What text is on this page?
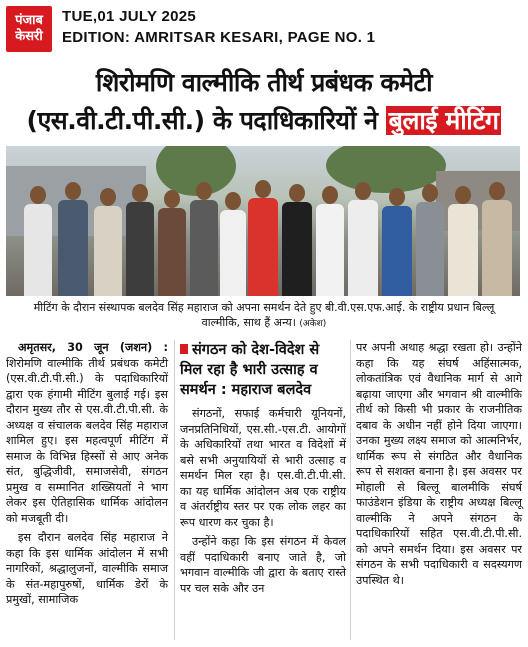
पंजाब
केसरी
TUE,01 JULY 2025
EDITION: AMRITSAR KESARI, PAGE NO. 1
शिरोमणि वाल्मीकि तीर्थ प्रबंधक कमेटी
(एस.वी.टी.पी.सी.) के पदाधिकारियों ने बुलाई मीटिंग
मीटिंग के दौरान संस्थापक बलदेव सिंह महाराज को अपना समर्थन देते हुए बी.वी.एस.एफ.आई. के राष्ट्रीय प्रधान बिल्लू वाल्मीकि, साथ हैं अन्य। (अकेश)

अमृतसर, 30 जून (जशन) : शिरोमणि वाल्मीकि तीर्थ प्रबंधक कमेटी (एस.वी.टी.पी.सी.) के पदाधिकारियों द्वारा एक हंगामी मीटिंग बुलाई गई। इस दौरान मुख्य तौर से एस.वी.टी.पी.सी. के अध्यक्ष व संचालक बलदेव सिंह महाराज शामिल हुए। इस महत्वपूर्ण मीटिंग में समाज के विभिन्न हिस्सों से आए अनेक संत, बुद्धिजीवी, समाजसेवी, संगठन प्रमुख व सम्मानित शख्सियतों ने भाग लेकर इस ऐतिहासिक धार्मिक आंदोलन को मजबूती दी।

इस दौरान बलदेव सिंह महाराज ने कहा कि इस धार्मिक आंदोलन में सभी नागरिकों, श्रद्धालुजनों, वाल्मीकि समाज के संत-महापुरुषों, धार्मिक डेरों के प्रमुखों, सामाजिक

संगठन को देश-विदेश से मिल रहा है भारी उत्साह व समर्थन : महाराज बलदेव

संगठनों, सफाई कर्मचारी यूनियनों, जनप्रतिनिधियों, एस.सी.-एस.टी. आयोगों के अधिकारियों तथा भारत व विदेशों में बसे सभी अनुयायियों से भारी उत्साह व समर्थन मिल रहा है। एस.वी.टी.पी.सी. का यह धार्मिक आंदोलन अब एक राष्ट्रीय व अंतर्राष्ट्रीय स्तर पर एक लोक लहर का रूप धारण कर चुका है।

उन्होंने कहा कि इस संगठन में केवल वहीं पदाधिकारी बनाए जाते है, जो भगवान वाल्मीकि जी द्वारा के बताए रास्ते पर चल सके और उन

पर अपनी अथाह श्रद्धा रखता हो। उन्होंने कहा कि यह संघर्ष अहिंसात्मक, लोकतांत्रिक एवं वैधानिक मार्ग से आगे बढ़ाया जाएगा और भगवान श्री वाल्मीकि तीर्थ को किसी भी प्रकार के राजनीतिक दबाव के अधीन नहीं होने दिया जाएगा। उनका मुख्य लक्ष्य समाज को आत्मनिर्भर, धार्मिक रूप से संगठित और वैधानिक रूप से सशक्त बनाना है। इस अवसर पर मोहाली से बिल्लू बालमीकि संघर्ष फाउंडेशन इंडिया के राष्ट्रीय अध्यक्ष बिल्लू वाल्मीकि ने अपने संगठन के पदाधिकारियों सहित एस.वी.टी.पी.सी. को अपने समर्थन दिया। इस अवसर पर संगठन के सभी पदाधिकारी व सदस्यगण उपस्थित थे।
